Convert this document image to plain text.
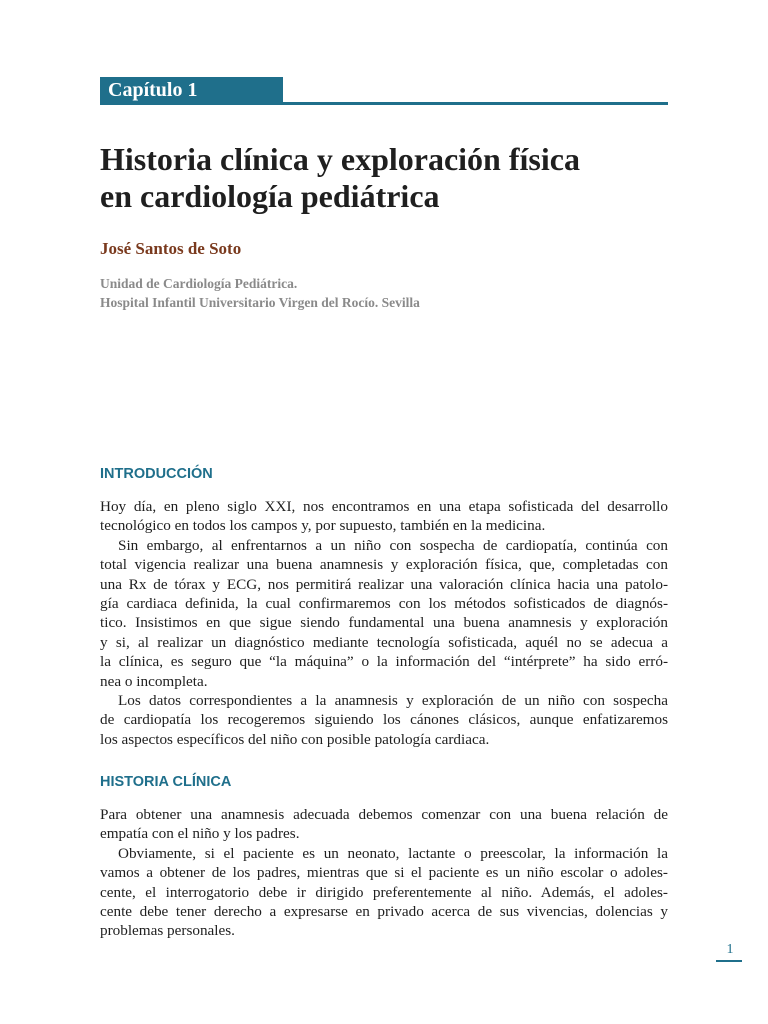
Capítulo 1
Historia clínica y exploración física
en cardiología pediátrica
José Santos de Soto
Unidad de Cardiología Pediátrica.
Hospital Infantil Universitario Virgen del Rocío. Sevilla
INTRODUCCIÓN
Hoy día, en pleno siglo XXI, nos encontramos en una etapa sofisticada del desarrollo
tecnológico en todos los campos y, por supuesto, también en la medicina.
Sin embargo, al enfrentarnos a un niño con sospecha de cardiopatía, continúa con
total vigencia realizar una buena anamnesis y exploración física, que, completadas con
una Rx de tórax y ECG, nos permitirá realizar una valoración clínica hacia una patolo-
gía cardiaca definida, la cual confirmaremos con los métodos sofisticados de diagnós-
tico. Insistimos en que sigue siendo fundamental una buena anamnesis y exploración
y si, al realizar un diagnóstico mediante tecnología sofisticada, aquél no se adecua a
la clínica, es seguro que “la máquina” o la información del “intérprete” ha sido erró-
nea o incompleta.
Los datos correspondientes a la anamnesis y exploración de un niño con sospecha
de cardiopatía los recogeremos siguiendo los cánones clásicos, aunque enfatizaremos
los aspectos específicos del niño con posible patología cardiaca.
HISTORIA CLÍNICA
Para obtener una anamnesis adecuada debemos comenzar con una buena relación de
empatía con el niño y los padres.
Obviamente, si el paciente es un neonato, lactante o preescolar, la información la
vamos a obtener de los padres, mientras que si el paciente es un niño escolar o adoles-
cente, el interrogatorio debe ir dirigido preferentemente al niño. Además, el adoles-
cente debe tener derecho a expresarse en privado acerca de sus vivencias, dolencias y
problemas personales.
1
